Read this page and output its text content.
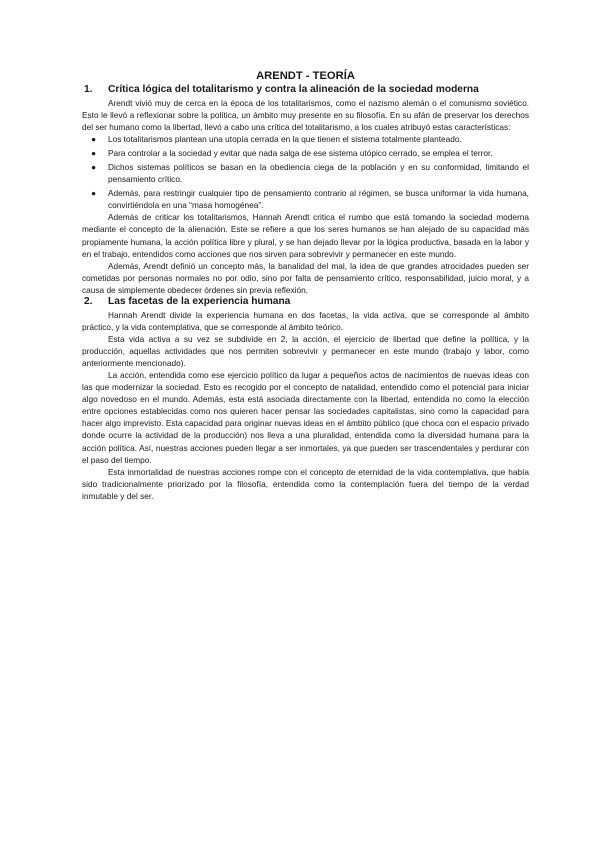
ARENDT - TEORÍA
1.	Crítica lógica del totalitarismo y contra la alineación de la sociedad moderna

Arendt vivió muy de cerca en la época de los totalitarismos, como el nazismo alemán o el comunismo soviético. Esto le llevó a reflexionar sobre la política, un ámbito muy presente en su filosofía. En su afán de preservar los derechos del ser humano como la libertad, llevó a cabo una crítica del totalitarismo, a los cuales atribuyó estas características:

● Los totalitarismos plantean una utopía cerrada en la que tienen el sistema totalmente planteado.
● Para controlar a la sociedad y evitar que nada salga de ese sistema utópico cerrado, se emplea el terror.
● Dichos sistemas políticos se basan en la obediencia ciega de la población y en su conformidad, limitando el pensamiento crítico.
● Además, para restringir cualquier tipo de pensamiento contrario al régimen, se busca uniformar la vida humana, convirtiéndola en una “masa homogénea”.

Además de criticar los totalitarismos, Hannah Arendt critica el rumbo que está tomando la sociedad moderna mediante el concepto de la alienación. Este se refiere a que los seres humanos se han alejado de su capacidad más propiamente humana, la acción política libre y plural, y se han dejado llevar por la lógica productiva, basada en la labor y en el trabajo, entendidos como acciones que nos sirven para sobrevivir y permanecer en este mundo.

Además, Arendt definió un concepto más, la banalidad del mal, la idea de que grandes atrocidades pueden ser cometidas por personas normales no por odio, sino por falta de pensamiento crítico, responsabilidad, juicio moral, y a causa de simplemente obedecer órdenes sin previa reflexión.

2.	Las facetas de la experiencia humana

Hannah Arendt divide la experiencia humana en dos facetas, la vida activa, que se corresponde al ámbito práctico, y la vida contemplativa, que se corresponde al ámbito teórico.

Esta vida activa a su vez se subdivide en 2, la acción, el ejercicio de libertad que define la política, y la producción, aquellas actividades que nos permiten sobrevivir y permanecer en este mundo (trabajo y labor, como anteriormente mencionado).

La acción, entendida como ese ejercicio político da lugar a pequeños actos de nacimientos de nuevas ideas con las que modernizar la sociedad. Esto es recogido por el concepto de natalidad, entendido como el potencial para iniciar algo novedoso en el mundo. Además, esta está asociada directamente con la libertad, entendida no como la elección entre opciones establecidas como nos quieren hacer pensar las sociedades capitalistas, sino como la capacidad para hacer algo imprevisto. Esta capacidad para originar nuevas ideas en el ámbito público (que choca con el espacio privado donde ocurre la actividad de la producción) nos lleva a una pluralidad, entendida como la diversidad humana para la acción política. Así, nuestras acciones pueden llegar a ser inmortales, ya que pueden ser trascendentales y perdurar con el paso del tiempo.

Esta inmortalidad de nuestras acciones rompe con el concepto de eternidad de la vida contemplativa, que había sido tradicionalmente priorizado por la filosofía, entendida como la contemplación fuera del tiempo de la verdad inmutable y del ser.
